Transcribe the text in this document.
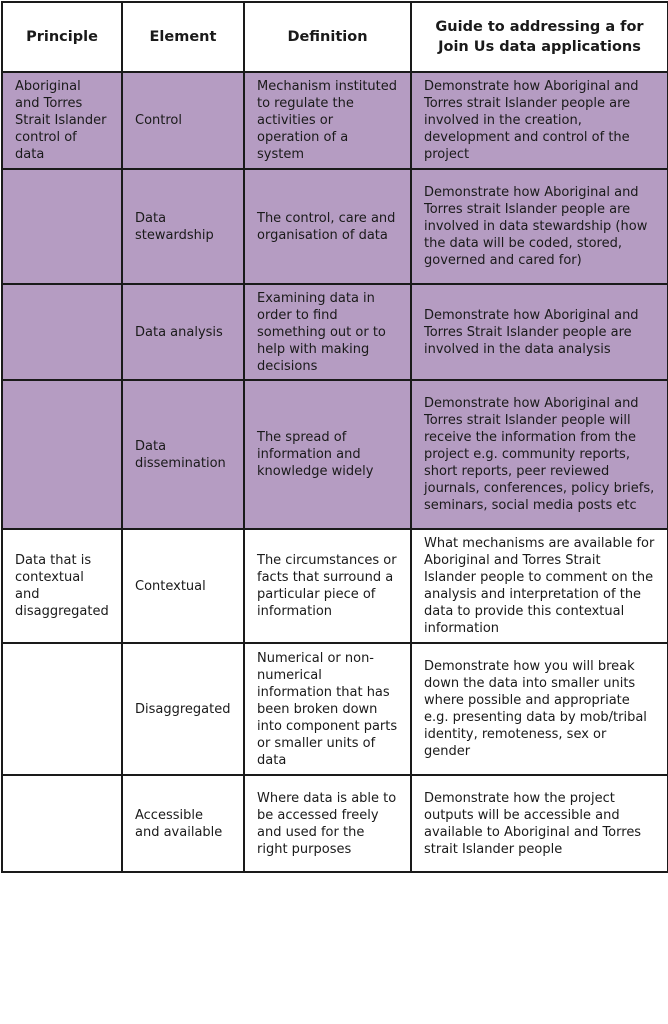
Principle	Element	Definition	Guide to addressing a for Join Us data applications
Aboriginal and Torres Strait Islander control of data	Control	Mechanism instituted to regulate the activities or operation of a system	Demonstrate how Aboriginal and Torres strait Islander people are involved in the creation, development and control of the project
	Data stewardship	The control, care and organisation of data	Demonstrate how Aboriginal and Torres strait Islander people are involved in data stewardship (how the data will be coded, stored, governed and cared for)
	Data analysis	Examining data in order to find something out or to help with making decisions	Demonstrate how Aboriginal and Torres Strait Islander people are involved in the data analysis
	Data dissemination	The spread of information and knowledge widely	Demonstrate how Aboriginal and Torres strait Islander people will receive the information from the project e.g. community reports, short reports, peer reviewed journals, conferences, policy briefs, seminars, social media posts etc
Data that is contextual and disaggregated	Contextual	The circumstances or facts that surround a particular piece of information	What mechanisms are available for Aboriginal and Torres Strait Islander people to comment on the analysis and interpretation of the data to provide this contextual information
	Disaggregated	Numerical or non-numerical information that has been broken down into component parts or smaller units of data	Demonstrate how you will break down the data into smaller units where possible and appropriate e.g. presenting data by mob/tribal identity, remoteness, sex or gender
	Accessible and available	Where data is able to be accessed freely and used for the right purposes	Demonstrate how the project outputs will be accessible and available to Aboriginal and Torres strait Islander people
